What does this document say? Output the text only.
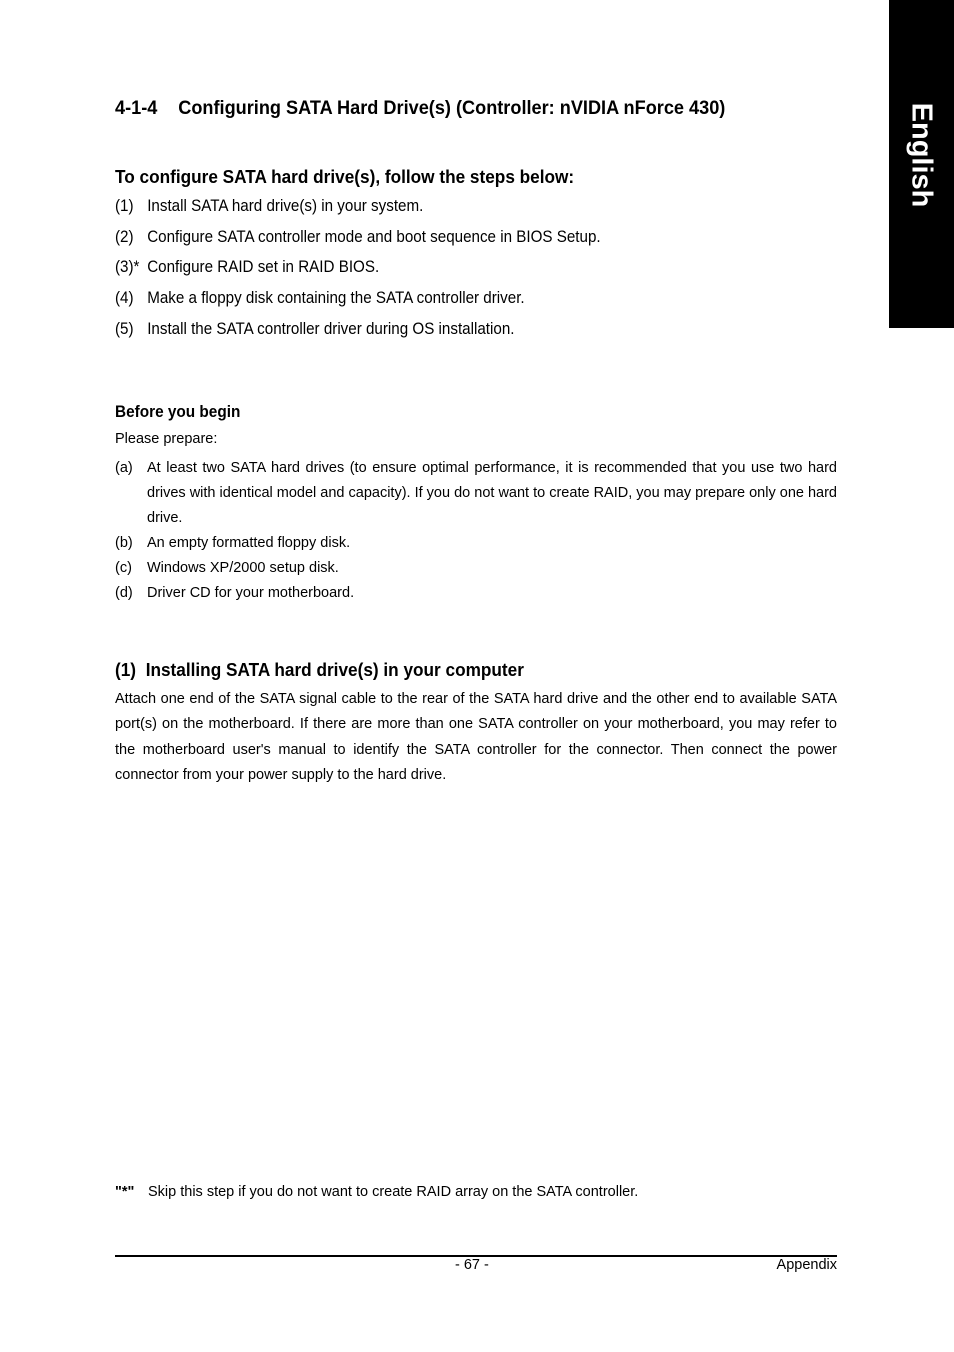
English
4-1-4 Configuring SATA Hard Drive(s) (Controller: nVIDIA nForce 430)
To configure SATA hard drive(s), follow the steps below:
(1) Install SATA hard drive(s) in your system.
(2) Configure SATA controller mode and boot sequence in BIOS Setup.
(3)* Configure RAID set in RAID BIOS.
(4) Make a floppy disk containing the SATA controller driver.
(5) Install the SATA controller driver during OS installation.
Before you begin
Please prepare:
(a) At least two SATA hard drives (to ensure optimal performance, it is recommended that you use two hard drives with identical model and capacity). If you do not want to create RAID, you may prepare only one hard drive.
(b) An empty formatted floppy disk.
(c)	Windows XP/2000 setup disk.
(d) Driver CD for your motherboard.
(1) Installing SATA hard drive(s) in your computer
Attach one end of the SATA signal cable to the rear of the SATA hard drive and the other end to available SATA port(s) on the motherboard. If there are more than one SATA controller on your motherboard, you may refer to the motherboard user's manual to identify the SATA controller for the connector. Then connect the power connector from your power supply to the hard drive.
"*" Skip this step if you do not want to create RAID array on the SATA controller.
- 67 -	Appendix
